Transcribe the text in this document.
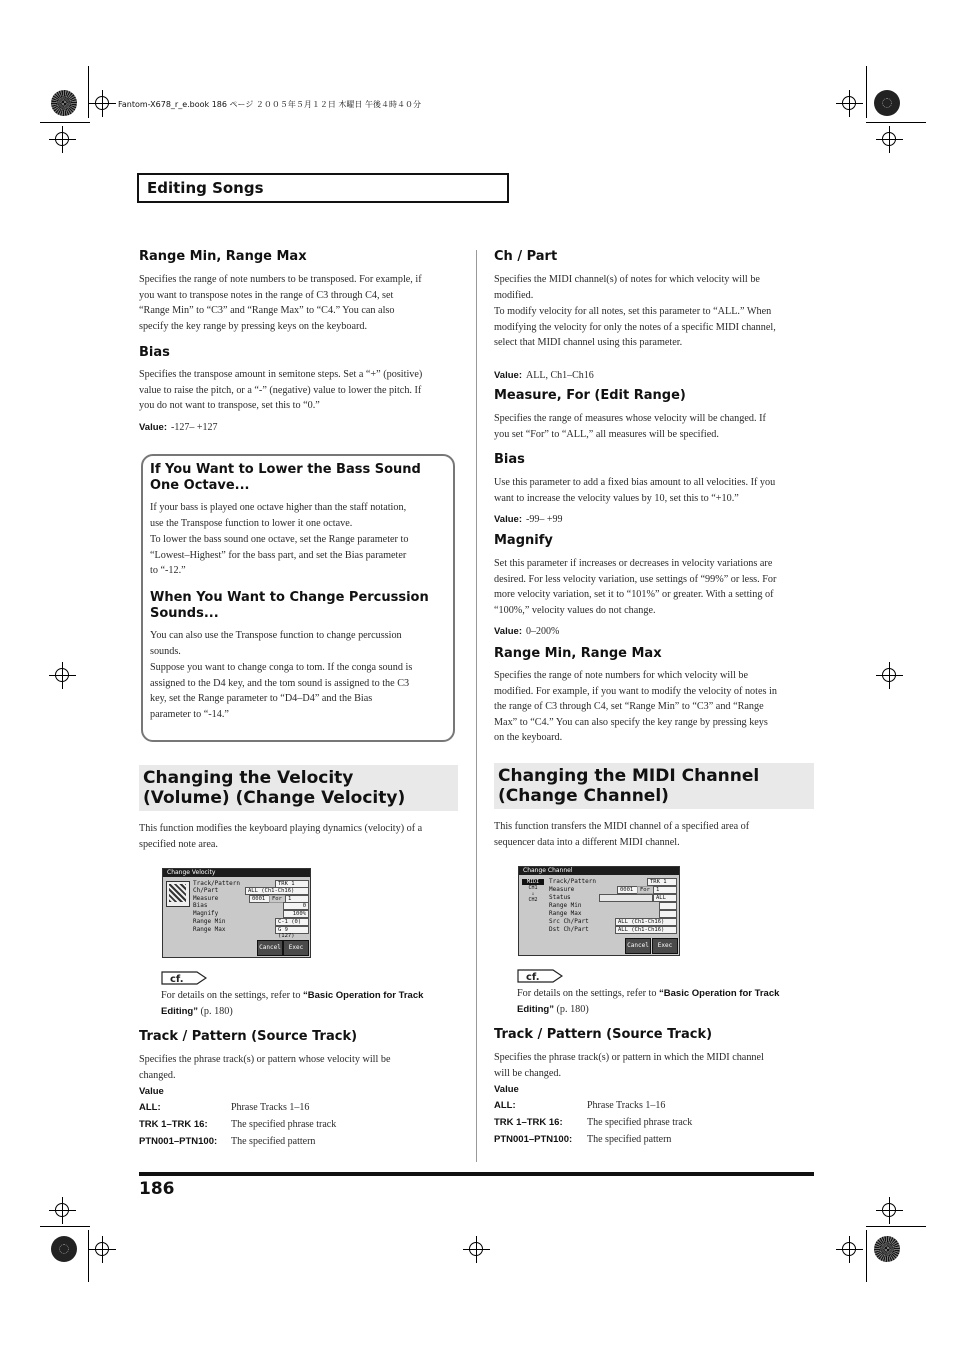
Fantom-X678_r_e.book 186 ページ ２００５年５月１２日 木曜日 午後４時４０分
Editing Songs
Range Min, Range Max
Specifies the range of note numbers to be transposed. For example, if
you want to transpose notes in the range of C3 through C4, set
“Range Min” to “C3” and “Range Max” to “C4.” You can also
specify the key range by pressing keys on the keyboard.
Bias
Specifies the transpose amount in semitone steps. Set a “+” (positive)
value to raise the pitch, or a “-” (negative) value to lower the pitch. If
you do not want to transpose, set this to “0.”
Value: -127– +127
If You Want to Lower the Bass Sound One Octave...
If your bass is played one octave higher than the staff notation,
use the Transpose function to lower it one octave.
To lower the bass sound one octave, set the Range parameter to
“Lowest–Highest” for the bass part, and set the Bias parameter
to “-12.”
When You Want to Change Percussion Sounds...
You can also use the Transpose function to change percussion
sounds.
Suppose you want to change conga to tom. If the conga sound is
assigned to the D4 key, and the tom sound is assigned to the C3
key, set the Range parameter to “D4–D4” and the Bias
parameter to “-14.”
Changing the Velocity (Volume) (Change Velocity)
This function modifies the keyboard playing dynamics (velocity) of a
specified note area.
Change Velocity
Track/Pattern	TRK 1
Ch/Part	ALL (Ch1-Ch16)
Measure	0001	For	1
Bias	0
Magnify	100%
Range Min	C-1 (0)
Range Max	G 9 (127)
Cancel	Exec
cf.
For details on the settings, refer to “Basic Operation for Track Editing” (p. 180)
Track / Pattern (Source Track)
Specifies the phrase track(s) or pattern whose velocity will be
changed.
Value
ALL:	Phrase Tracks 1–16
TRK 1–TRK 16: The specified phrase track
PTN001–PTN100: The specified pattern
Ch / Part
Specifies the MIDI channel(s) of notes for which velocity will be
modified.
To modify velocity for all notes, set this parameter to “ALL.” When
modifying the velocity for only the notes of a specific MIDI channel,
select that MIDI channel using this parameter.
Value: ALL, Ch1–Ch16
Measure, For (Edit Range)
Specifies the range of measures whose velocity will be changed. If
you set “For” to “ALL,” all measures will be specified.
Bias
Use this parameter to add a fixed bias amount to all velocities. If you
want to increase the velocity values by 10, set this to “+10.”
Value: -99– +99
Magnify
Set this parameter if increases or decreases in velocity variations are
desired. For less velocity variation, use settings of “99%” or less. For
more velocity variation, set it to “101%” or greater. With a setting of
“100%,” velocity values do not change.
Value: 0–200%
Range Min, Range Max
Specifies the range of note numbers for which velocity will be
modified. For example, if you want to modify the velocity of notes in
the range of C3 through C4, set “Range Min” to “C3” and “Range
Max” to “C4.” You can also specify the key range by pressing keys
on the keyboard.
Changing the MIDI Channel (Change Channel)
This function transfers the MIDI channel of a specified area of
sequencer data into a different MIDI channel.
Change Channel
MIDI
CH1
⇓
CH2
Track/Pattern	TRK 1
Measure	0001	For	1
Status	ALL
Range Min
Range Max
Src Ch/Part	ALL (Ch1-Ch16)
Dst Ch/Part	ALL (Ch1-Ch16)
Cancel	Exec
cf.
For details on the settings, refer to “Basic Operation for Track Editing” (p. 180)
Track / Pattern (Source Track)
Specifies the phrase track(s) or pattern in which the MIDI channel
will be changed.
Value
ALL:	Phrase Tracks 1–16
TRK 1–TRK 16: The specified phrase track
PTN001–PTN100: The specified pattern
186
